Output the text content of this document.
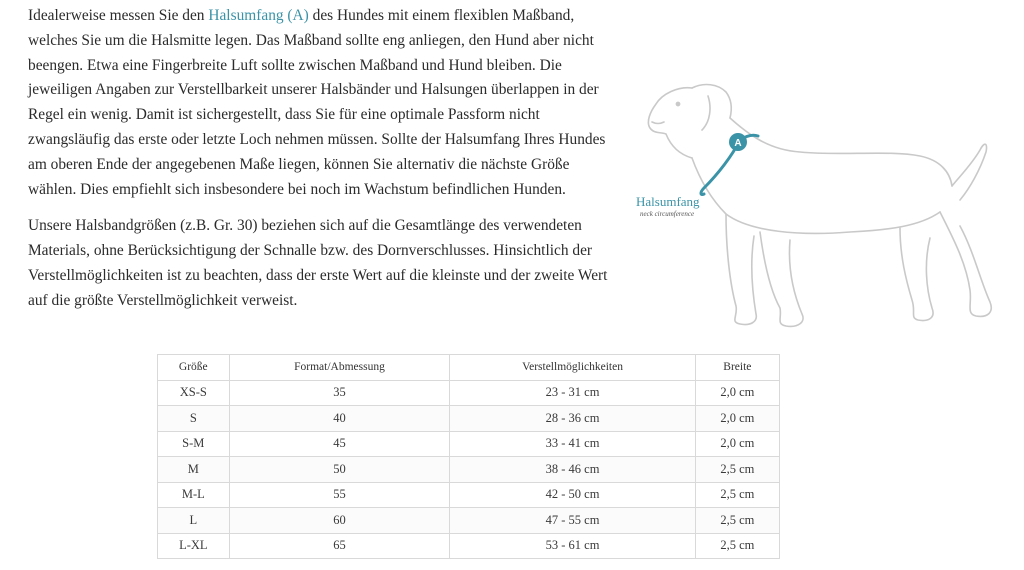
Idealerweise messen Sie den Halsumfang (A) des Hundes mit einem flexiblen Maßband, welches Sie um die Halsmitte legen. Das Maßband sollte eng anliegen, den Hund aber nicht beengen. Etwa eine Fingerbreite Luft sollte zwischen Maßband und Hund bleiben. Die jeweiligen Angaben zur Verstellbarkeit unserer Halsbänder und Halsungen überlappen in der Regel ein wenig. Damit ist sichergestellt, dass Sie für eine optimale Passform nicht zwangsläufig das erste oder letzte Loch nehmen müssen. Sollte der Halsumfang Ihres Hundes am oberen Ende der angegebenen Maße liegen, können Sie alternativ die nächste Größe wählen. Dies empfiehlt sich insbesondere bei noch im Wachstum befindlichen Hunden.

Unsere Halsbandgrößen (z.B. Gr. 30) beziehen sich auf die Gesamtlänge des verwendeten Materials, ohne Berücksichtigung der Schnalle bzw. des Dornverschlusses. Hinsichtlich der Verstellmöglichkeiten ist zu beachten, dass der erste Wert auf die kleinste und der zweite Wert auf die größte Verstellmöglichkeit verweist.

A
Halsumfang
neck circumference
Größe	Format/Abmessung	Verstellmöglichkeiten	Breite
XS-S	35	23 - 31 cm	2,0 cm
S	40	28 - 36 cm	2,0 cm
S-M	45	33 - 41 cm	2,0 cm
M	50	38 - 46 cm	2,5 cm
M-L	55	42 - 50 cm	2,5 cm
L	60	47 - 55 cm	2,5 cm
L-XL	65	53 - 61 cm	2,5 cm
